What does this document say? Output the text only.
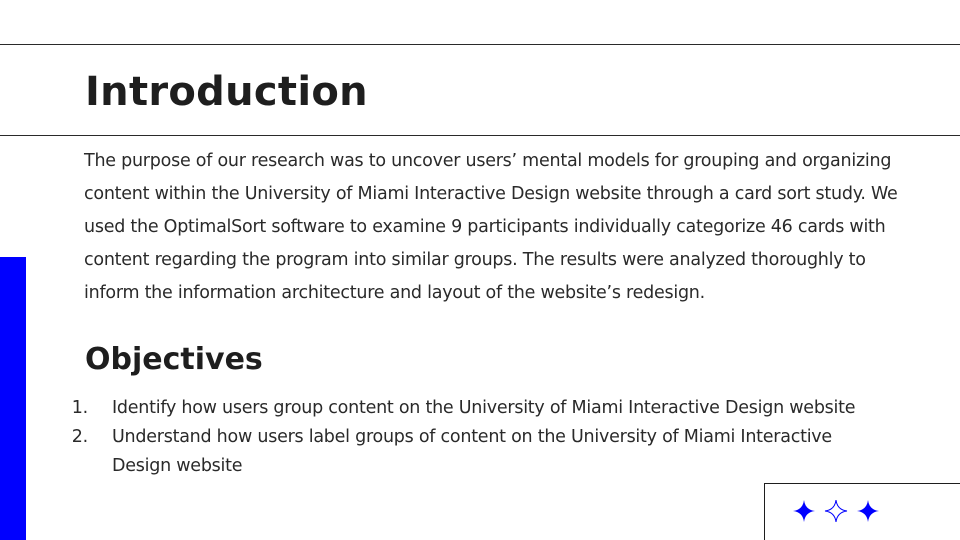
Introduction

The purpose of our research was to uncover users’ mental models for grouping and organizing content within the University of Miami Interactive Design website through a card sort study. We used the OptimalSort software to examine 9 participants individually categorize 46 cards with content regarding the program into similar groups. The results were analyzed thoroughly to inform the information architecture and layout of the website’s redesign.

Objectives
1. Identify how users group content on the University of Miami Interactive Design website
2. Understand how users label groups of content on the University of Miami Interactive Design website
